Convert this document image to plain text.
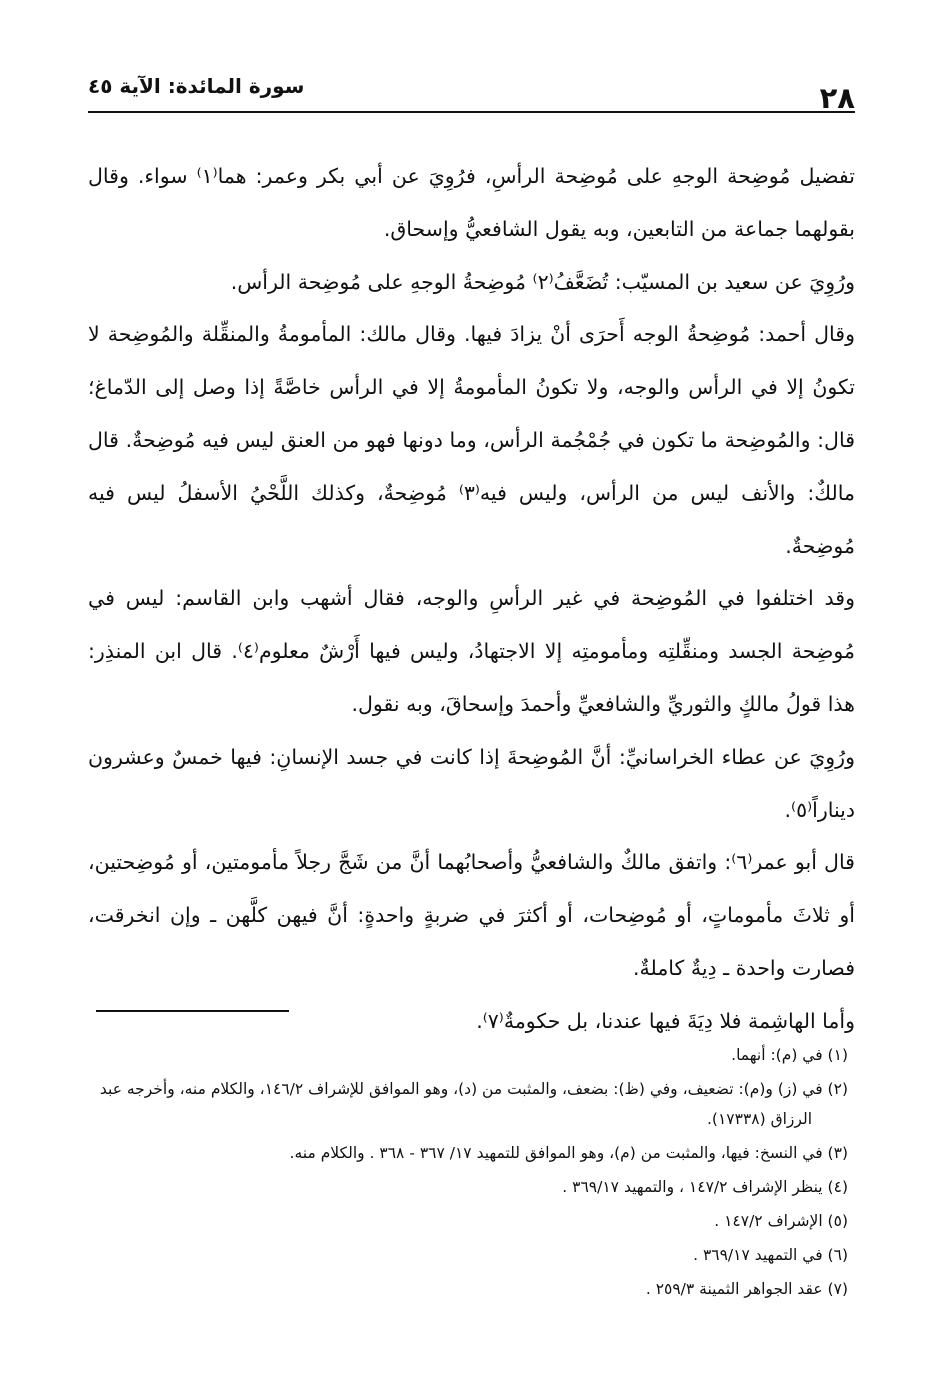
٢٨
سورة المائدة: الآية ٤٥

تفضيل مُوضِحة الوجهِ على مُوضِحة الرأسِ، فرُوِيَ عن أبي بكر وعمر: هما⁽١⁾ سواء. وقال بقولهما جماعة من التابعين، وبه يقول الشافعيُّ وإسحاق.

ورُوِيَ عن سعيد بن المسيّب: تُضَعَّفُ⁽٢⁾ مُوضِحةُ الوجهِ على مُوضِحة الرأس.

وقال أحمد: مُوضِحةُ الوجه أَحرَى أنْ يزادَ فيها. وقال مالك: المأمومةُ والمنقِّلة والمُوضِحة لا تكونُ إلا في الرأس والوجه، ولا تكونُ المأمومةُ إلا في الرأس خاصَّةً إذا وصل إلى الدّماغ؛ قال: والمُوضِحة ما تكون في جُمْجُمة الرأس، وما دونها فهو من العنق ليس فيه مُوضِحةٌ. قال مالكٌ: والأنف ليس من الرأس، وليس فيه⁽٣⁾ مُوضِحةٌ، وكذلك اللَّحْيُ الأسفلُ ليس فيه مُوضِحةٌ.

وقد اختلفوا في المُوضِحة في غير الرأسِ والوجه، فقال أشهب وابن القاسم: ليس في مُوضِحة الجسد ومنقِّلتِه ومأمومتِه إلا الاجتهادُ، وليس فيها أَرْشٌ معلوم⁽٤⁾. قال ابن المنذِر: هذا قولُ مالكٍ والثوريِّ والشافعيِّ وأحمدَ وإسحاقَ، وبه نقول.

ورُوِيَ عن عطاء الخراسانيِّ: أنَّ المُوضِحةَ إذا كانت في جسد الإنسانِ: فيها خمسٌ وعشرون ديناراً⁽٥⁾.

قال أبو عمر⁽٦⁾: واتفق مالكٌ والشافعيُّ وأصحابُهما أنَّ من شَجَّ رجلاً مأمومتين، أو مُوضِحتين، أو ثلاثَ مأموماتٍ، أو مُوضِحات، أو أكثرَ في ضربةٍ واحدةٍ: أنَّ فيهن كلَّهن ـ وإن انخرقت، فصارت واحدة ـ دِيةٌ كاملةٌ.

وأما الهاشِمة فلا دِيَةَ فيها عندنا، بل حكومةٌ⁽٧⁾.

(١) في (م): أنهما.

(٢) في (ز) و(م): تضعيف، وفي (ظ): بضعف، والمثبت من (د)، وهو الموافق للإشراف ١٤٦/٢، والكلام منه، وأخرجه عبد الرزاق (١٧٣٣٨).

(٣) في النسخ: فيها، والمثبت من (م)، وهو الموافق للتمهيد ١٧/ ٣٦٧ - ٣٦٨ . والكلام منه.

(٤) ينظر الإشراف ١٤٧/٢ ، والتمهيد ٣٦٩/١٧ .

(٥) الإشراف ١٤٧/٢ .

(٦) في التمهيد ٣٦٩/١٧ .

(٧) عقد الجواهر الثمينة ٢٥٩/٣ .
